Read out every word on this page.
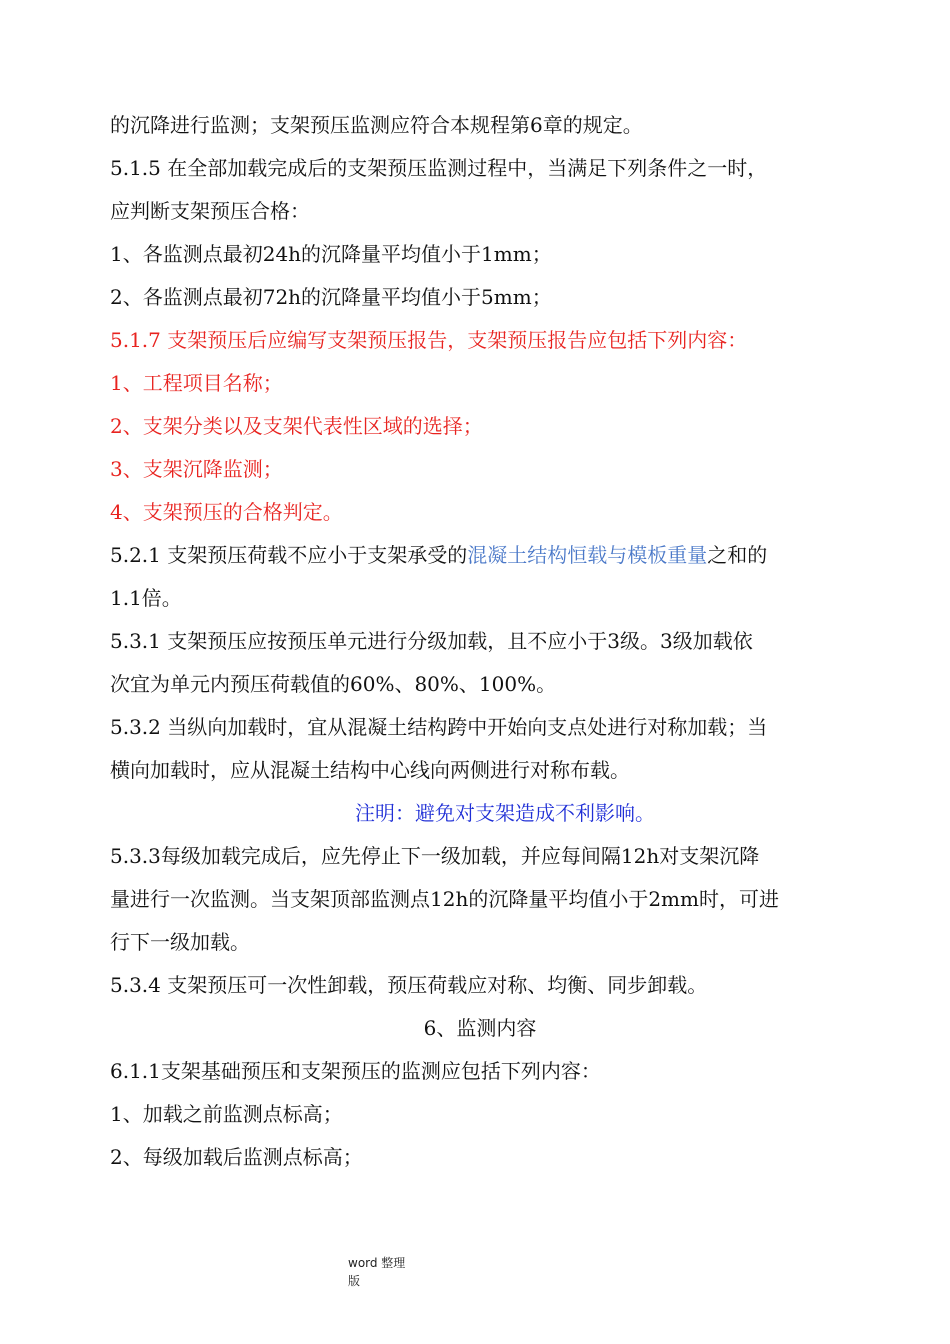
的沉降进行监测；支架预压监测应符合本规程第6章的规定。
5.1.5 在全部加载完成后的支架预压监测过程中，当满足下列条件之一时，
应判断支架预压合格：
1、各监测点最初24h的沉降量平均值小于1mm；
2、各监测点最初72h的沉降量平均值小于5mm；
5.1.7 支架预压后应编写支架预压报告，支架预压报告应包括下列内容：
1、工程项目名称；
2、支架分类以及支架代表性区域的选择；
3、支架沉降监测；
4、支架预压的合格判定。
5.2.1 支架预压荷载不应小于支架承受的混凝土结构恒载与模板重量之和的
1.1倍。
5.3.1 支架预压应按预压单元进行分级加载，且不应小于3级。3级加载依
次宜为单元内预压荷载值的60%、80%、100%。
5.3.2 当纵向加载时，宜从混凝土结构跨中开始向支点处进行对称加载；当
横向加载时，应从混凝土结构中心线向两侧进行对称布载。
注明：避免对支架造成不利影响。
5.3.3每级加载完成后，应先停止下一级加载，并应每间隔12h对支架沉降
量进行一次监测。当支架顶部监测点12h的沉降量平均值小于2mm时，可进
行下一级加载。
5.3.4 支架预压可一次性卸载，预压荷载应对称、均衡、同步卸载。
6、监测内容
6.1.1支架基础预压和支架预压的监测应包括下列内容：
1、加载之前监测点标高；
2、每级加载后监测点标高；
word 整理
版
